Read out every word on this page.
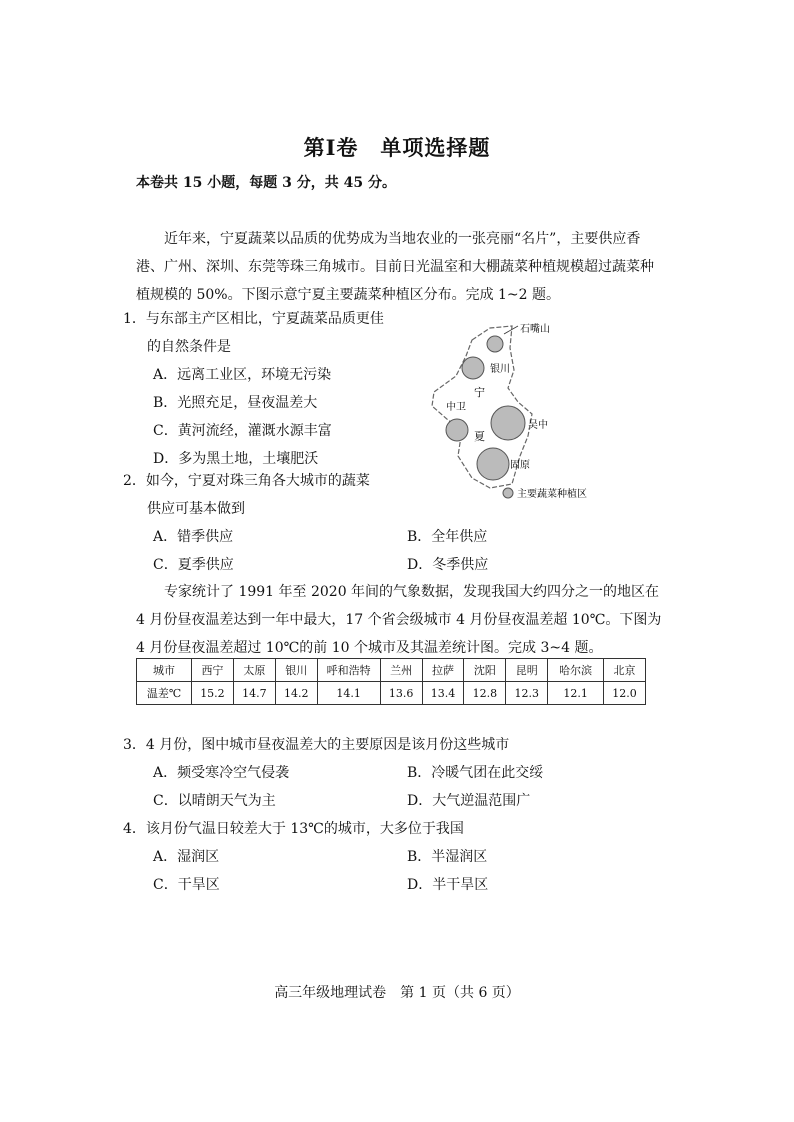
第Ⅰ卷　单项选择题
本卷共 15 小题，每题 3 分，共 45 分。
近年来，宁夏蔬菜以品质的优势成为当地农业的一张亮丽“名片”，主要供应香港、广州、深圳、东莞等珠三角城市。目前日光温室和大棚蔬菜种植规模超过蔬菜种植规模的 50%。下图示意宁夏主要蔬菜种植区分布。完成 1~2 题。
1．与东部主产区相比，宁夏蔬菜品质更佳
的自然条件是
A．远离工业区，环境无污染
B．光照充足，昼夜温差大
C．黄河流经，灌溉水源丰富
D．多为黑土地，土壤肥沃
石嘴山
银川
宁
中卫
夏
吴中
固原
主要蔬菜种植区
2．如今，宁夏对珠三角各大城市的蔬菜
供应可基本做到
A．错季供应	B．全年供应
C．夏季供应	D．冬季供应
专家统计了 1991 年至 2020 年间的气象数据，发现我国大约四分之一的地区在 4 月份昼夜温差达到一年中最大，17 个省会级城市 4 月份昼夜温差超 10℃。下图为 4 月份昼夜温差超过 10℃的前 10 个城市及其温差统计图。完成 3~4 题。
城市	西宁	太原	银川	呼和浩特	兰州	拉萨	沈阳	昆明	哈尔滨	北京
温差℃	15.2	14.7	14.2	14.1	13.6	13.4	12.8	12.3	12.1	12.0
3．4 月份，图中城市昼夜温差大的主要原因是该月份这些城市
A．频受寒冷空气侵袭	B．冷暖气团在此交绥
C．以晴朗天气为主	D．大气逆温范围广
4．该月份气温日较差大于 13℃的城市，大多位于我国
A．湿润区	B．半湿润区
C．干旱区	D．半干旱区
高三年级地理试卷　第 1 页（共 6 页）
